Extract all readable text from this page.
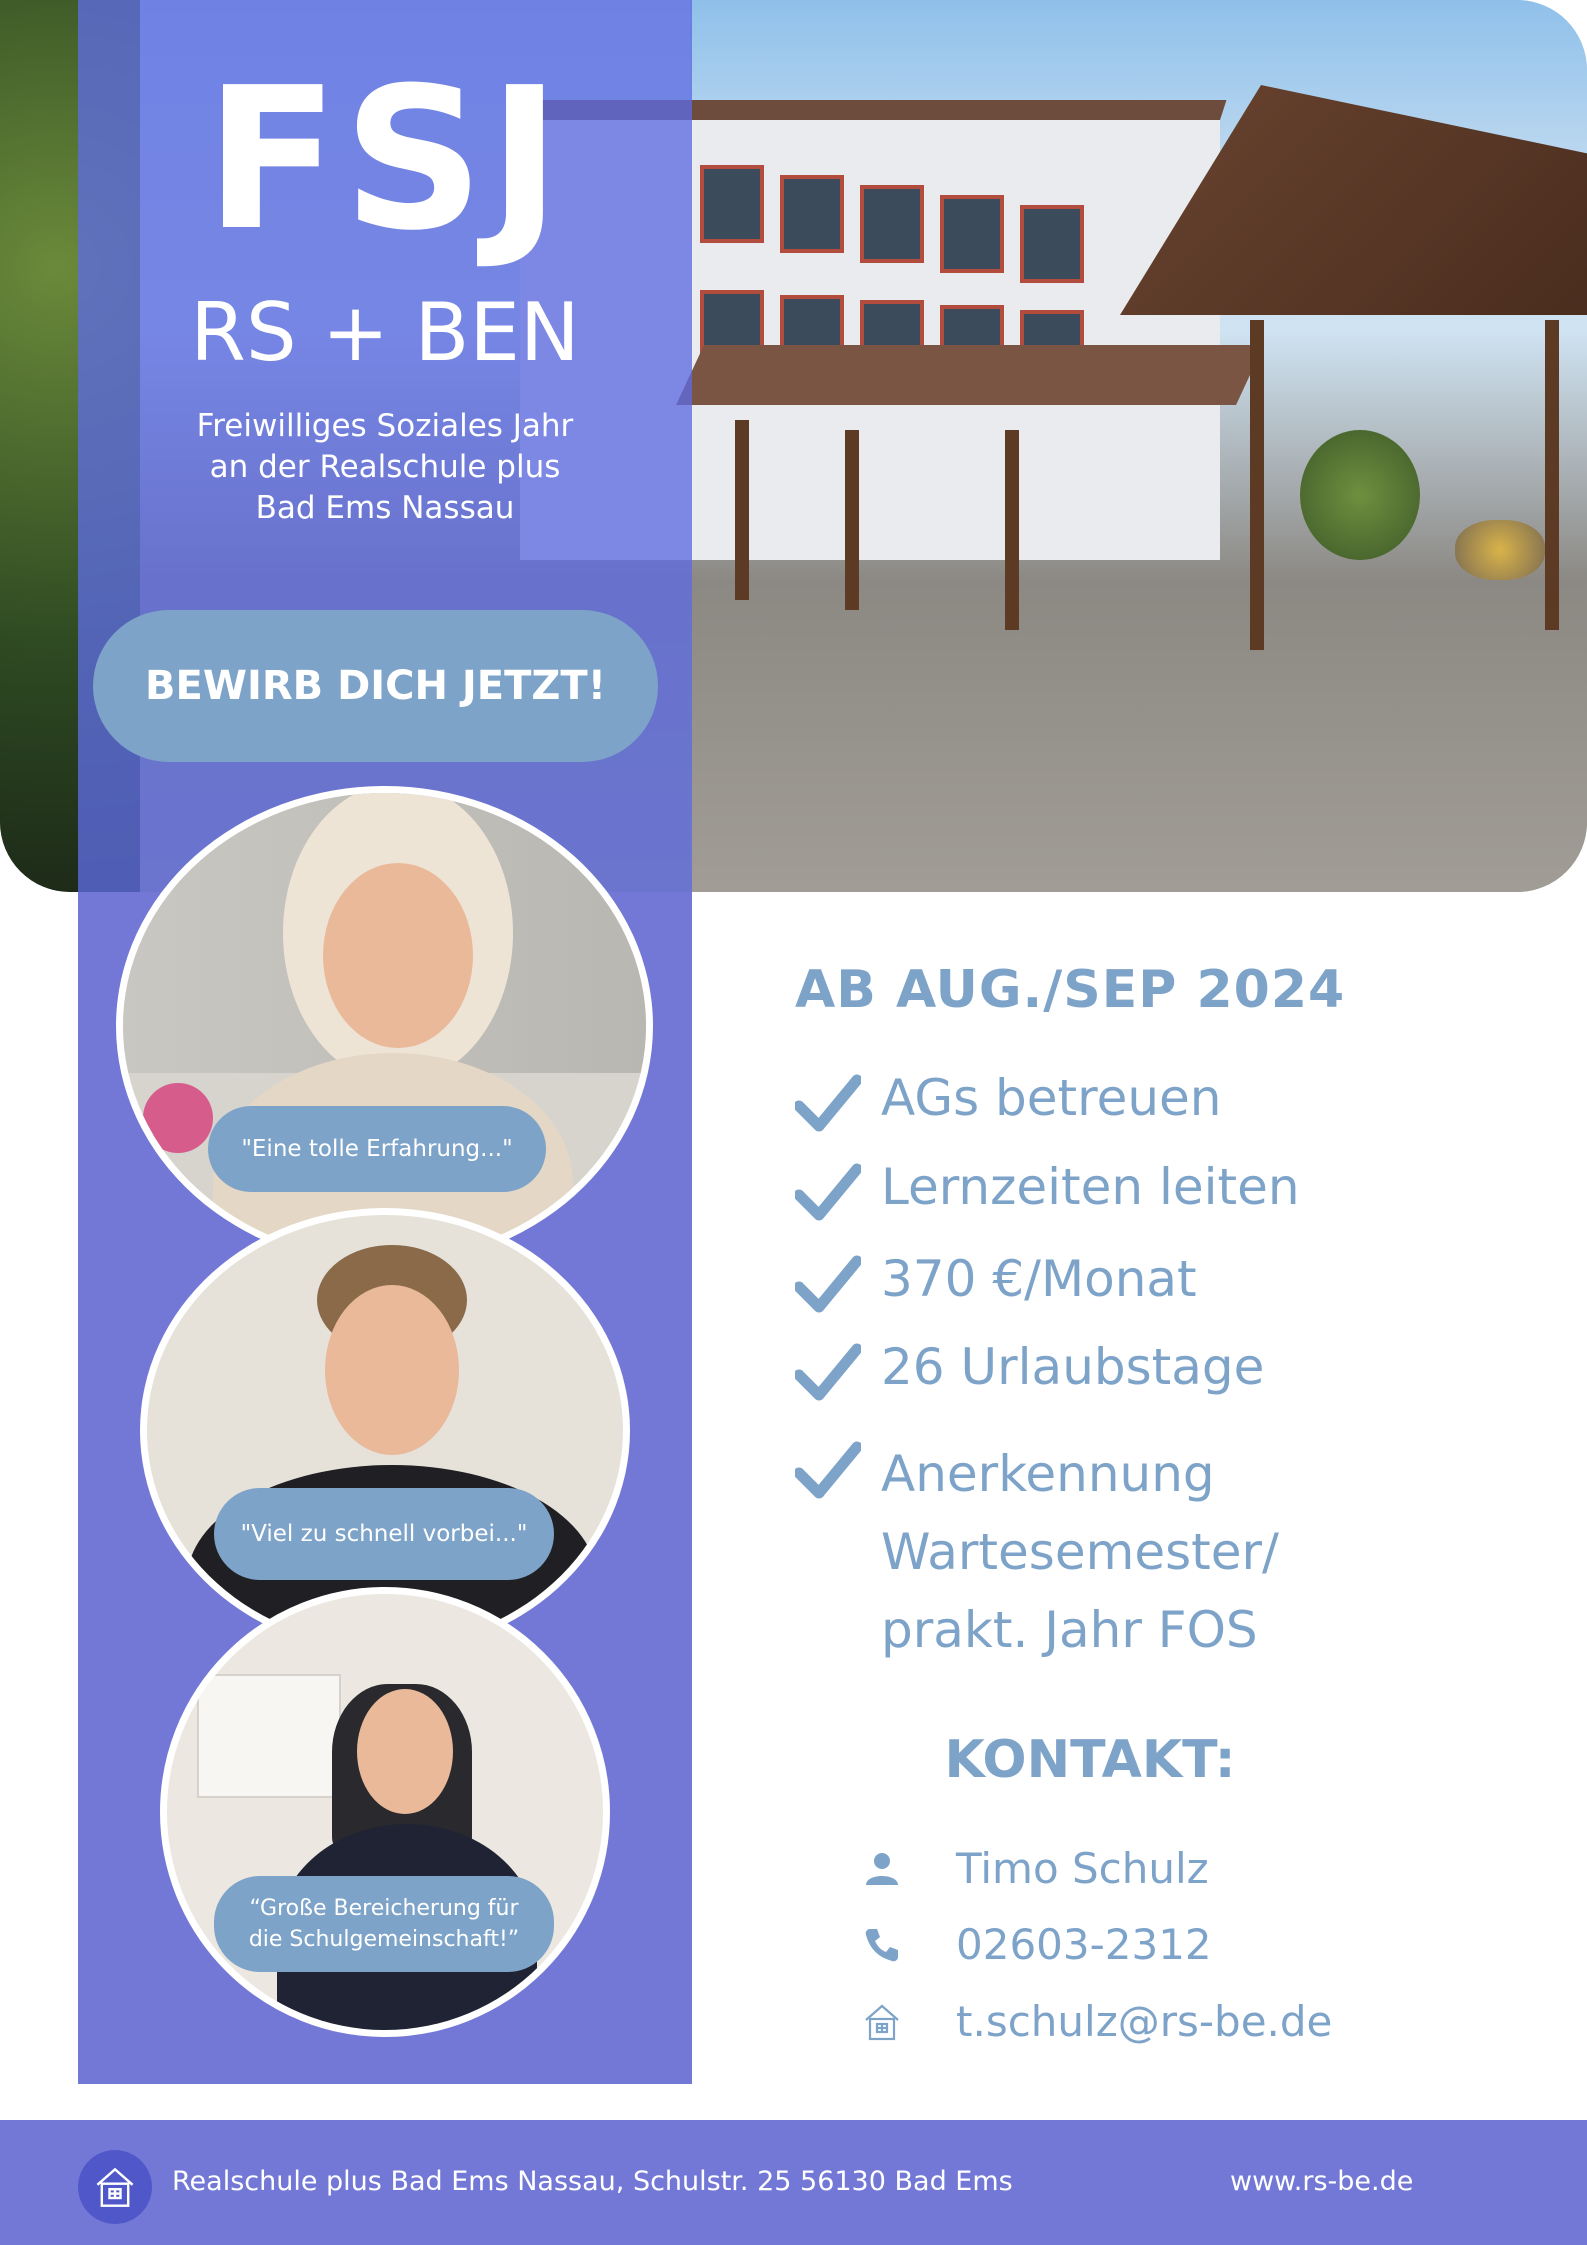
FSJ
RS + BEN
Freiwilliges Soziales Jahr
an der Realschule plus
Bad Ems Nassau
BEWIRB DICH JETZT!
"Eine tolle Erfahrung..."
"Viel zu schnell vorbei..."
“Große Bereicherung für
die Schulgemeinschaft!”
AB AUG./SEP 2024
AGs betreuen
Lernzeiten leiten
370 €/Monat
26 Urlaubstage
Anerkennung
Wartesemester/
prakt. Jahr FOS
KONTAKT:
Timo Schulz
02603-2312
t.schulz@rs-be.de
Realschule plus Bad Ems Nassau, Schulstr. 25 56130 Bad Ems	www.rs-be.de
